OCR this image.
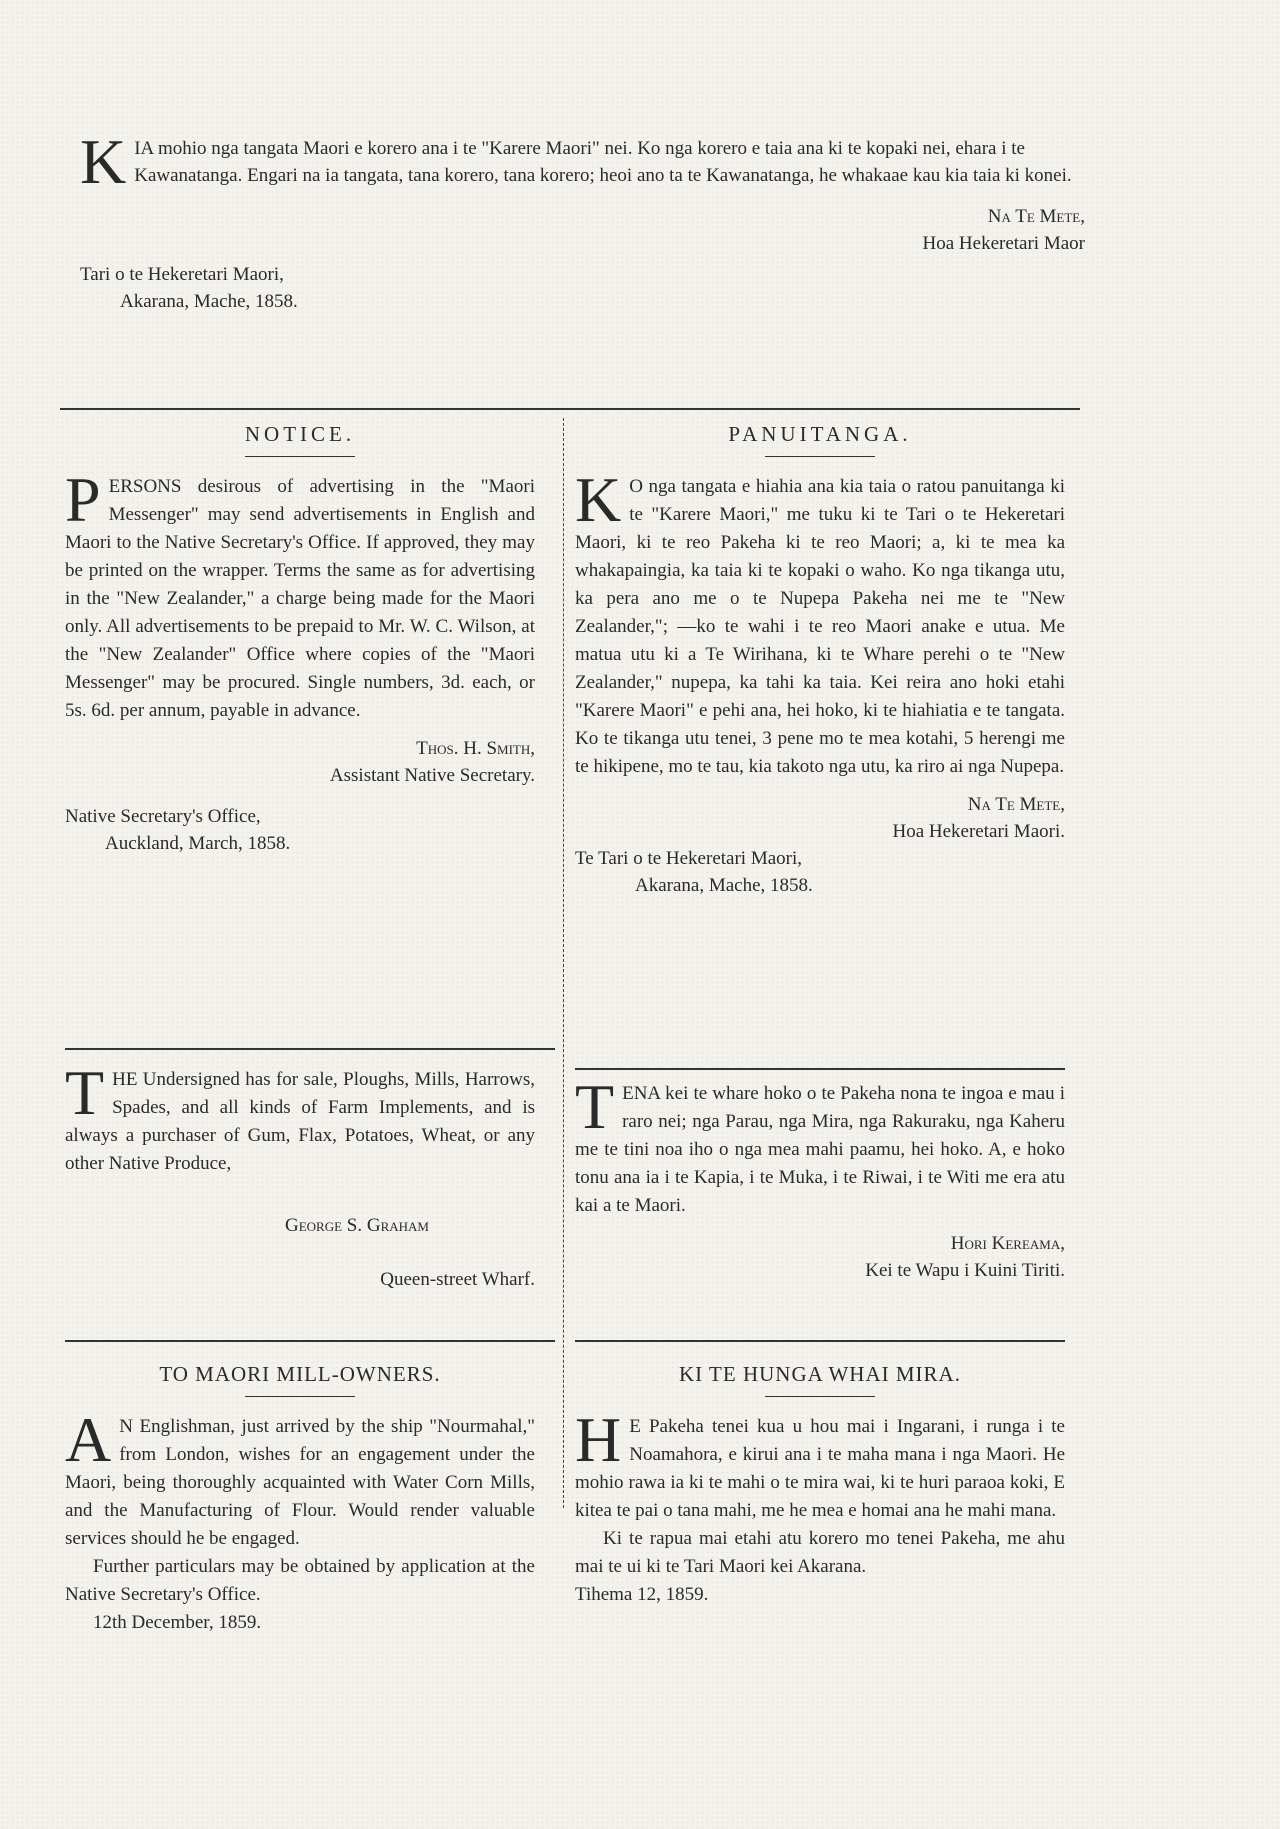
KIA mohio nga tangata Maori e korero ana i te "Karere Maori" nei. Ko nga korero e taia ana ki te kopaki nei, ehara i te Kawanatanga. Engari na ia tangata, tana korero, tana korero; heoi ano ta te Kawanatanga, he whakaae kau kia taia ki konei.

Na Te Mete,

Hoa Hekeretari Maor

Tari o te Hekeretari Maori,

Akarana, Mache, 1858.

NOTICE.

PERSONS desirous of advertising in the "Maori Messenger" may send advertisements in English and Maori to the Native Secretary's Office. If approved, they may be printed on the wrapper. Terms the same as for advertising in the "New Zealander," a charge being made for the Maori only. All advertisements to be prepaid to Mr. W. C. Wilson, at the "New Zealander" Office where copies of the "Maori Messenger" may be procured. Single numbers, 3d. each, or 5s. 6d. per annum, payable in advance.

Thos. H. Smith,

Assistant Native Secretary.

Native Secretary's Office,

Auckland, March, 1858.

THE Undersigned has for sale, Ploughs, Mills, Harrows, Spades, and all kinds of Farm Implements, and is always a purchaser of Gum, Flax, Potatoes, Wheat, or any other Native Produce,

George S. Graham

Queen-street Wharf.

TO MAORI MILL-OWNERS.

A N Englishman, just arrived by the ship "Nourmahal," from London, wishes for an engagement under the Maori, being thoroughly acquainted with Water Corn Mills, and the Manufacturing of Flour. Would render valuable services should he be engaged.

Further particulars may be obtained by application at the Native Secretary's Office.

12th December, 1859.

PANUITANGA.

K O nga tangata e hiahia ana kia taia o ratou panuitanga ki te "Karere Maori," me tuku ki te Tari o te Hekeretari Maori, ki te reo Pakeha ki te reo Maori; a, ki te mea ka whakapaingia, ka taia ki te kopaki o waho. Ko nga tikanga utu, ka pera ano me o te Nupepa Pakeha nei me te "New Zealander,"; —ko te wahi i te reo Maori anake e utua. Me matua utu ki a Te Wirihana, ki te Whare perehi o te "New Zealander," nupepa, ka tahi ka taia. Kei reira ano hoki etahi "Karere Maori" e pehi ana, hei hoko, ki te hiahiatia e te tangata. Ko te tikanga utu tenei, 3 pene mo te mea kotahi, 5 herengi me te hikipene, mo te tau, kia takoto nga utu, ka riro ai nga Nupepa.

Na Te Mete,

Hoa Hekeretari Maori.

Te Tari o te Hekeretari Maori,

Akarana, Mache, 1858.

TENA kei te whare hoko o te Pakeha nona te ingoa e mau i raro nei; nga Parau, nga Mira, nga Rakuraku, nga Kaheru me te tini noa iho o nga mea mahi paamu, hei hoko. A, e hoko tonu ana ia i te Kapia, i te Muka, i te Riwai, i te Witi me era atu kai a te Maori.

Hori Kereama,

Kei te Wapu i Kuini Tiriti.

KI TE HUNGA WHAI MIRA.

H E Pakeha tenei kua u hou mai i Ingarani, i runga i te Noamahora, e kirui ana i te maha mana i nga Maori. He mohio rawa ia ki te mahi o te mira wai, ki te huri paraoa koki, E kitea te pai o tana mahi, me he mea e homai ana he mahi mana.

Ki te rapua mai etahi atu korero mo tenei Pakeha, me ahu mai te ui ki te Tari Maori kei Akarana.

Tihema 12, 1859.
